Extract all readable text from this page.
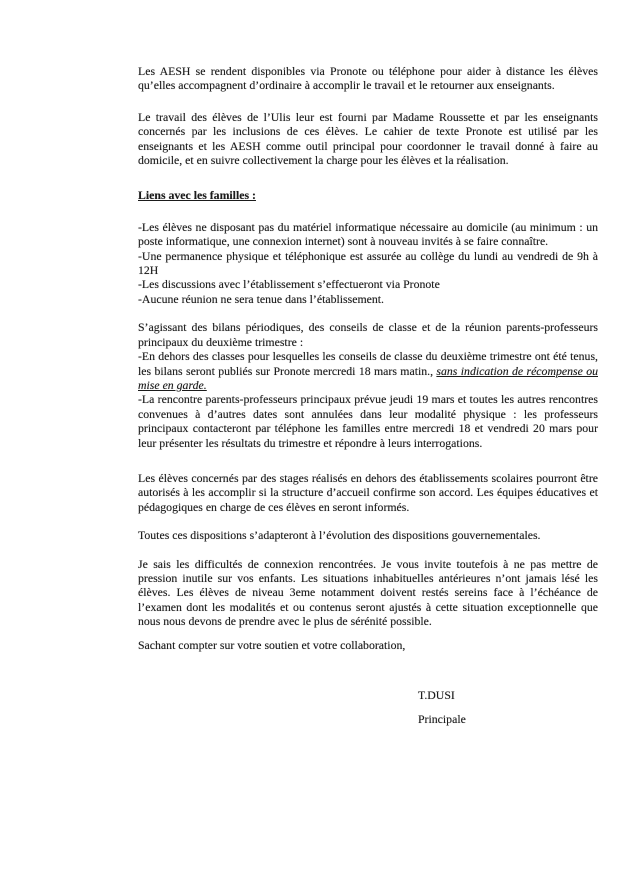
Les AESH se rendent disponibles via Pronote ou téléphone pour aider à distance les élèves qu’elles accompagnent d’ordinaire à accomplir le travail et le retourner aux enseignants.
Le travail des élèves de l’Ulis leur est fourni par Madame Roussette et par les enseignants concernés par les inclusions de ces élèves. Le cahier de texte Pronote est utilisé par les enseignants et les AESH comme outil principal pour coordonner le travail donné à faire au domicile, et en suivre collectivement la charge pour les élèves et la réalisation.
Liens avec les familles :
-Les élèves ne disposant pas du matériel informatique nécessaire au domicile (au minimum : un poste informatique, une connexion internet) sont à nouveau invités à se faire connaître.
-Une permanence physique et téléphonique est assurée au collège du lundi au vendredi de 9h à 12H
-Les discussions avec l’établissement s’effectueront via Pronote
-Aucune réunion ne sera tenue dans l’établissement.
S’agissant des bilans périodiques, des conseils de classe et de la réunion parents-professeurs principaux du deuxième trimestre :
-En dehors des classes pour lesquelles les conseils de classe du deuxième trimestre ont été tenus, les bilans seront publiés sur Pronote mercredi 18 mars matin., sans indication de récompense ou mise en garde.
-La rencontre parents-professeurs principaux prévue jeudi 19 mars et toutes les autres rencontres convenues à d’autres dates sont annulées dans leur modalité physique : les professeurs principaux contacteront par téléphone les familles entre mercredi 18 et vendredi 20 mars pour leur présenter les résultats du trimestre et répondre à leurs interrogations.
Les élèves concernés par des stages réalisés en dehors des établissements scolaires pourront être autorisés à les accomplir si la structure d’accueil confirme son accord. Les équipes éducatives et pédagogiques en charge de ces élèves en seront informés.
Toutes ces dispositions s’adapteront à l’évolution des dispositions gouvernementales.
Je sais les difficultés de connexion rencontrées. Je vous invite toutefois à ne pas mettre de pression inutile sur vos enfants. Les situations inhabituelles antérieures n’ont jamais lésé les élèves. Les élèves de niveau 3eme notamment doivent restés sereins face à l’échéance de l’examen dont les modalités et ou contenus seront ajustés à cette situation exceptionnelle que nous nous devons de prendre avec le plus de sérénité possible.
Sachant compter sur votre soutien et votre collaboration,
T.DUSI
Principale
